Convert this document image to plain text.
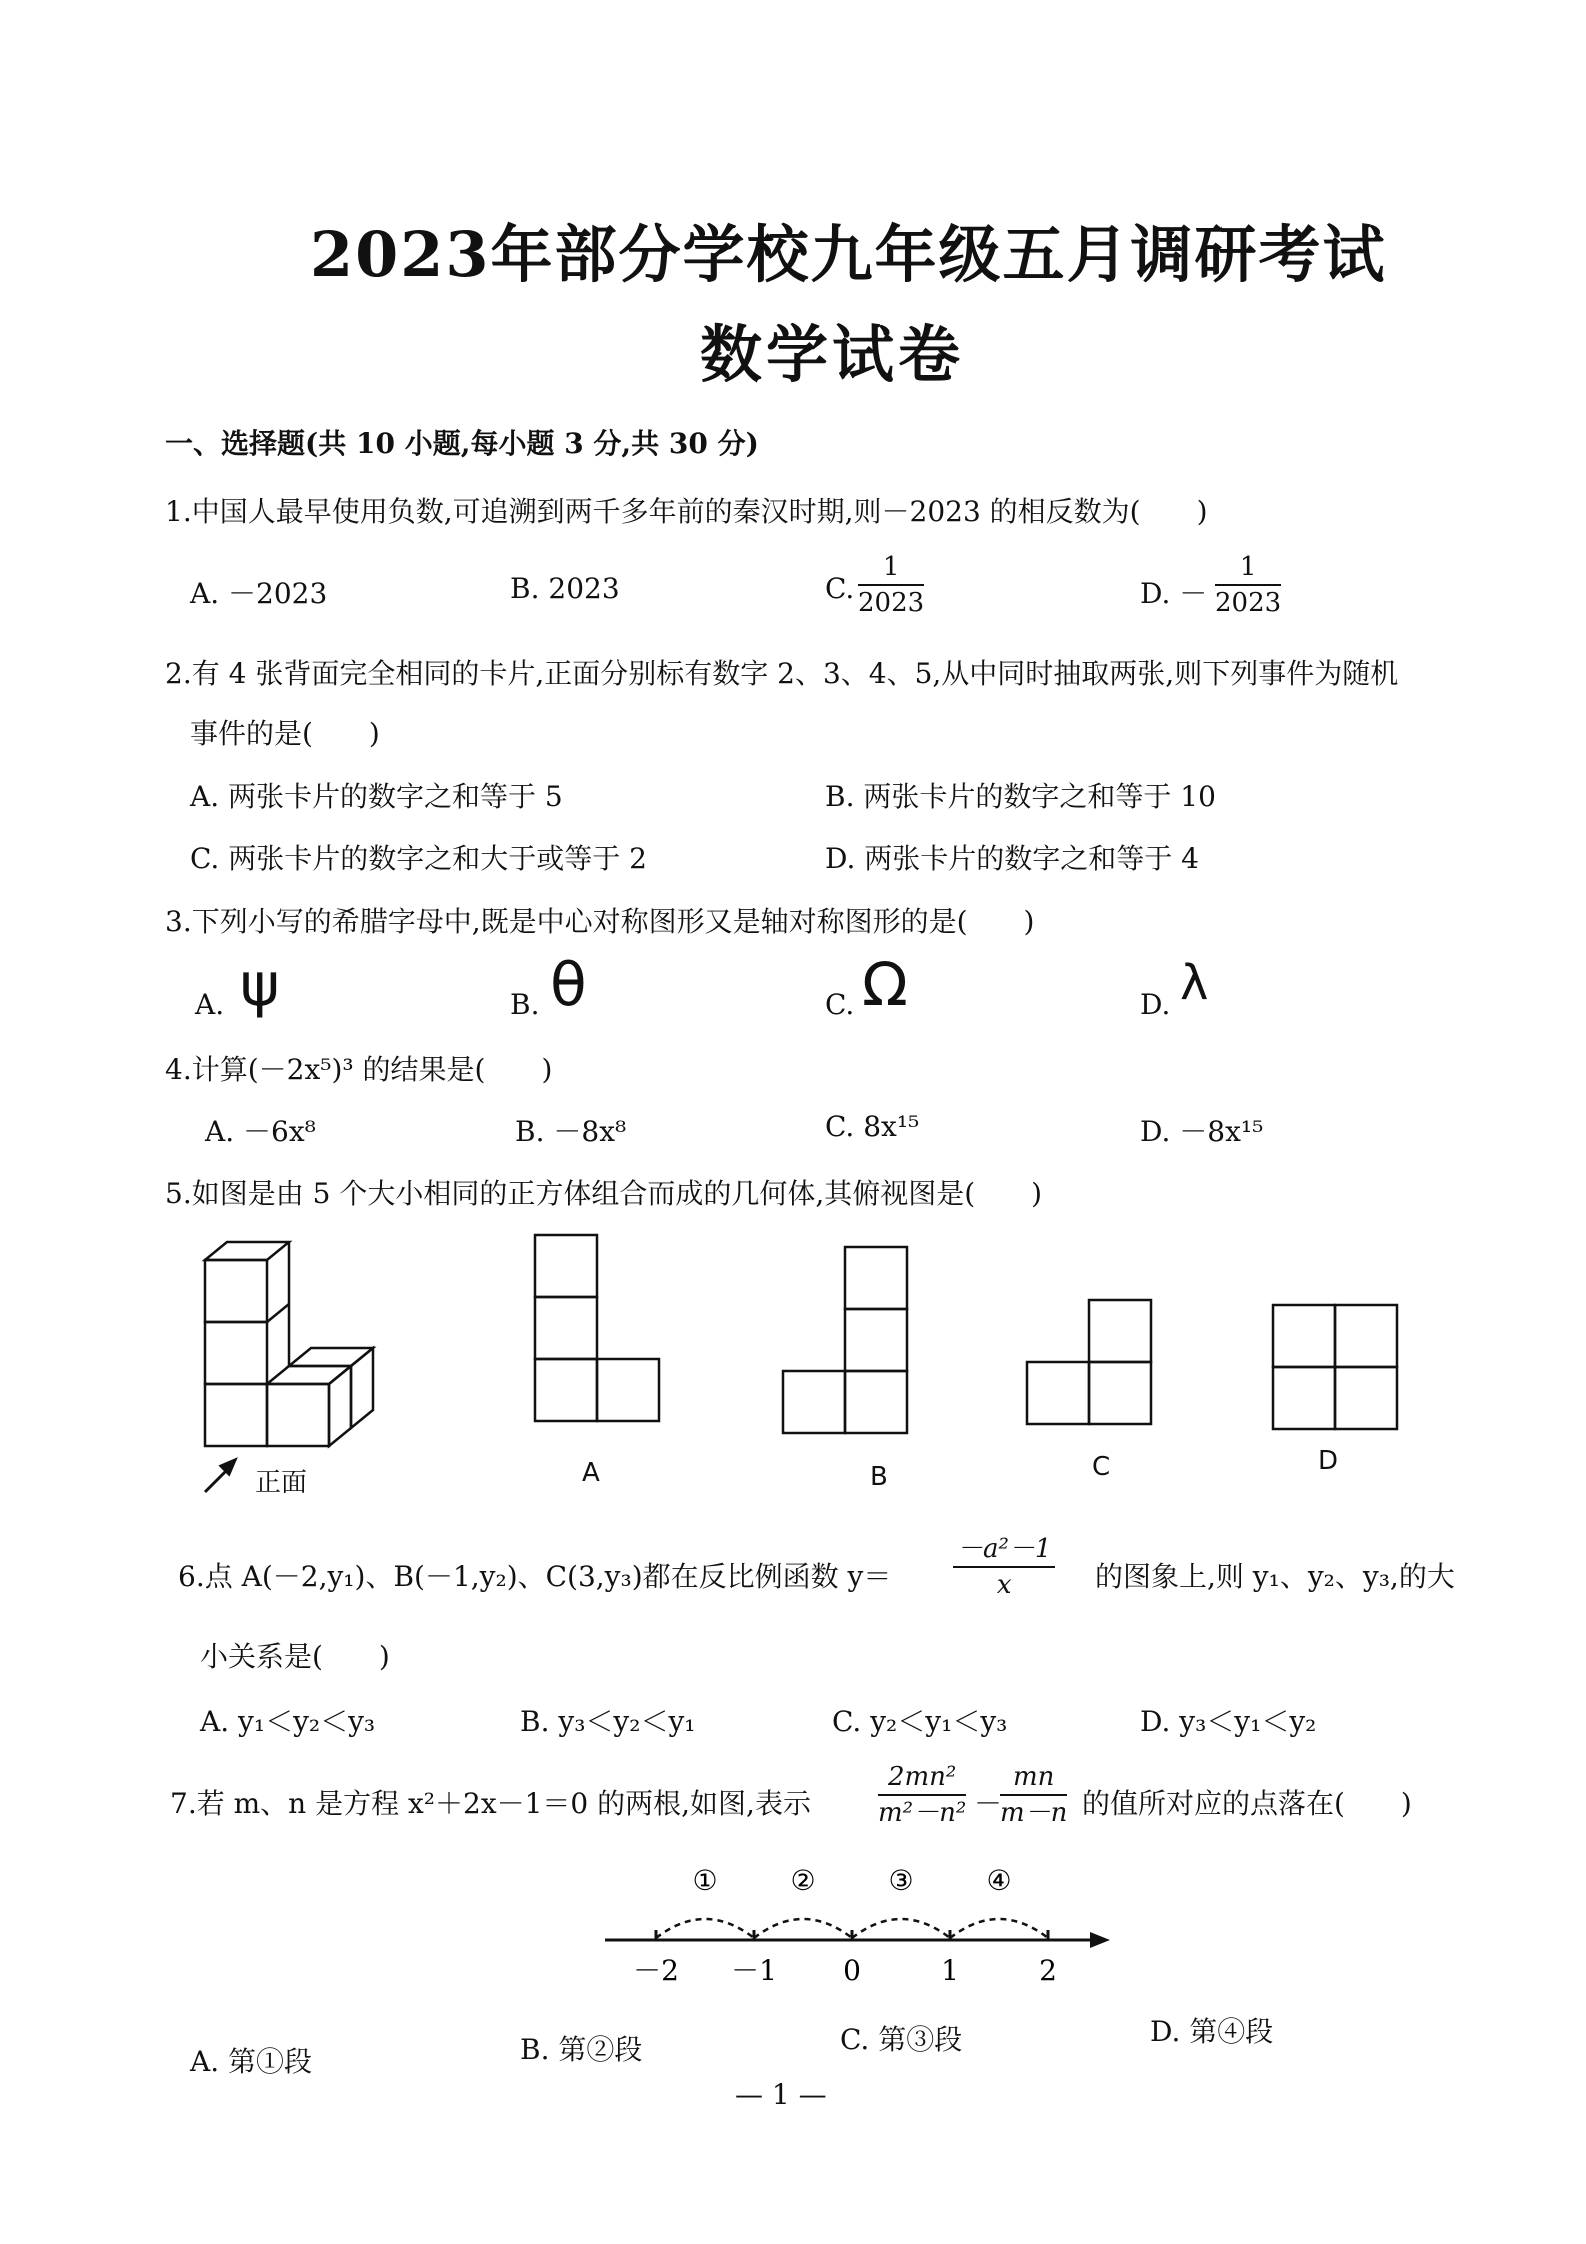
2023年部分学校九年级五月调研考试
数学试卷
一、选择题(共 10 小题,每小题 3 分,共 30 分)
1.中国人最早使用负数,可追溯到两千多年前的秦汉时期,则－2023 的相反数为(　　)
A. －2023	B. 2023	C. $\frac{1}{2023}$	D. － $\frac{1}{2023}$
2.有 4 张背面完全相同的卡片,正面分别标有数字 2、3、4、5,从中同时抽取两张,则下列事件为随机
事件的是(　　)
A. 两张卡片的数字之和等于 5	B. 两张卡片的数字之和等于 10
C. 两张卡片的数字之和大于或等于 2	D. 两张卡片的数字之和等于 4
3.下列小写的希腊字母中,既是中心对称图形又是轴对称图形的是(　　)
A. ψ	B. θ	C. Ω	D. λ
4.计算(－2x⁵)³ 的结果是(　　)
A. －6x⁸	B. －8x⁸	C. 8x¹⁵	D. －8x¹⁵
5.如图是由 5 个大小相同的正方体组合而成的几何体,其俯视图是(　　)
正面	A	B	C	D
6.点 A(－2,y₁)、B(－1,y₂)、C(3,y₃)都在反比例函数 $y= \frac{\text{－a²－1}}{x}$ 的图象上,则 y₁、y₂、y₃,的大
小关系是(　　)
A. y₁＜y₂＜y₃	B. y₃＜y₂＜y₁	C. y₂＜y₁＜y₃	D. y₃＜y₁＜y₂
7.若 m、n 是方程 x²＋2x－1＝0 的两根,如图,表示	$\frac{\text{2mn²}}{\text{m²－n²}}$ －
$\frac{mn}{m-n}$ 的值所对应的点落在(　　)
①	②	③	④
－2 －1 0	1	2
A. 第①段	B. 第②段	C. 第③段	D. 第④段
— 1 —
